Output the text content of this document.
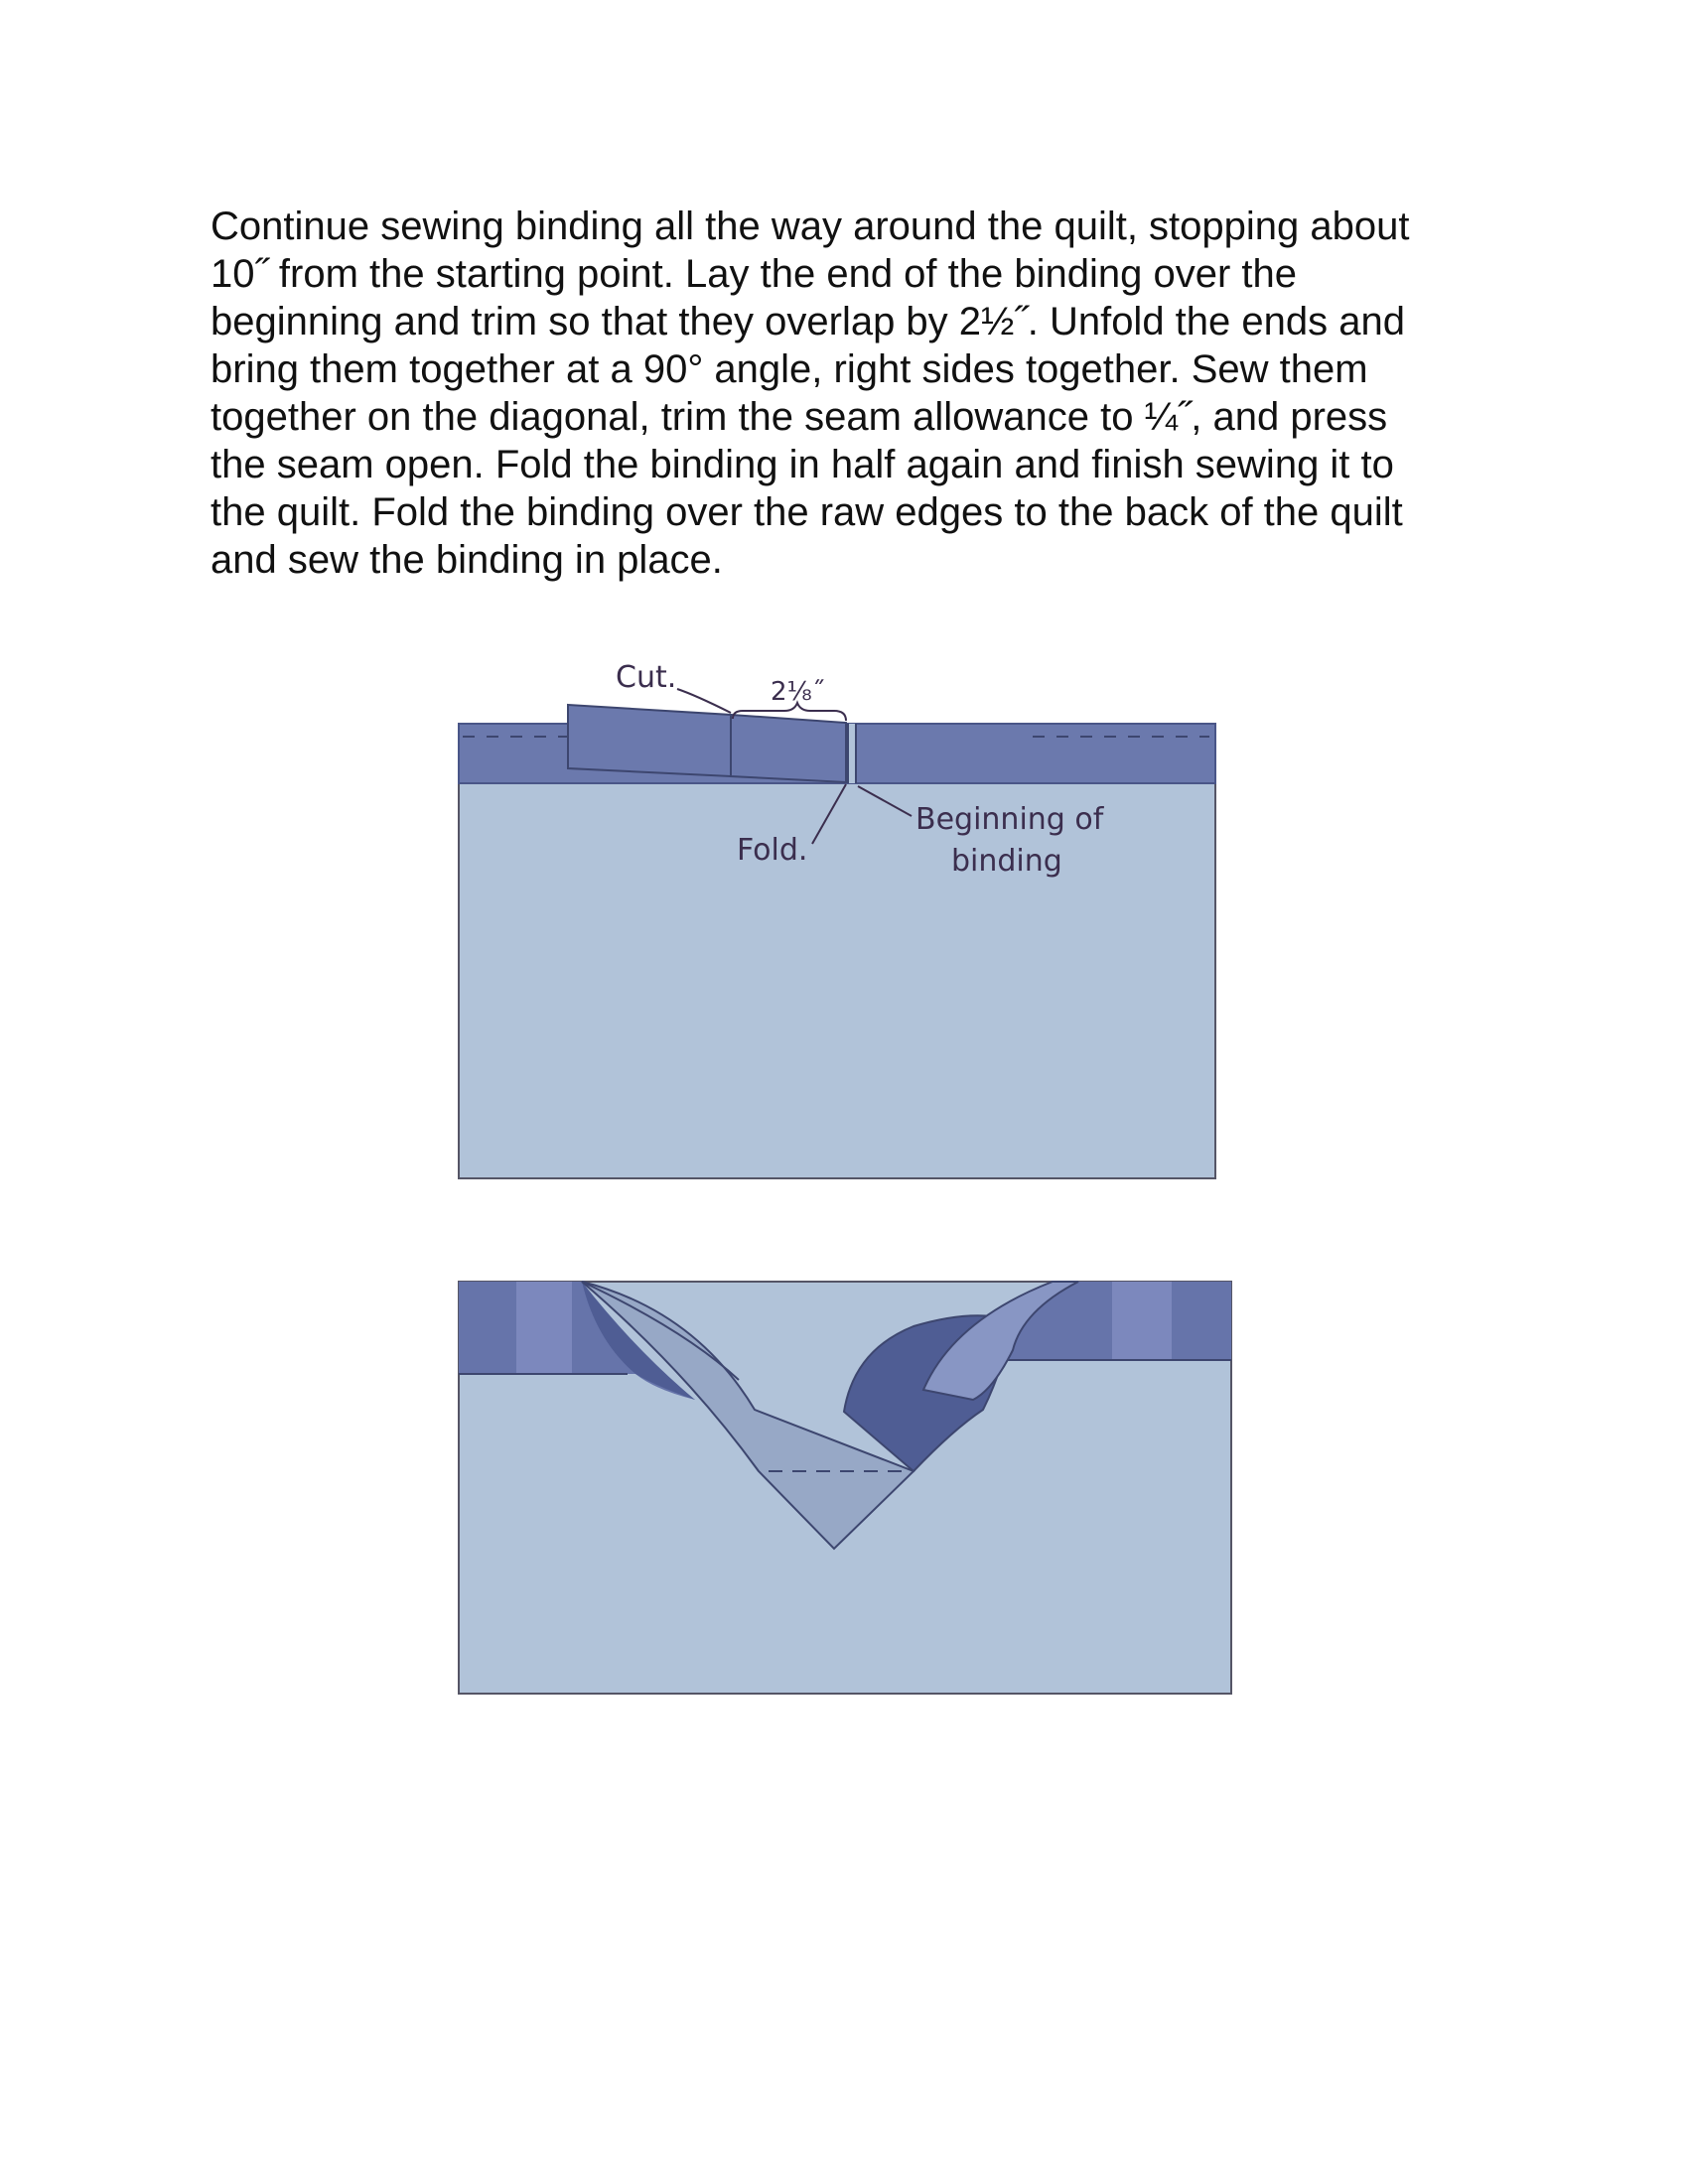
Continue sewing binding all the way around the quilt, stopping about
10˝ from the starting point. Lay the end of the binding over the
beginning and trim so that they overlap by 2½˝. Unfold the ends and
bring them together at a 90° angle, right sides together. Sew them
together on the diagonal, trim the seam allowance to ¼˝, and press
the seam open. Fold the binding in half again and finish sewing it to
the quilt. Fold the binding over the raw edges to the back of the quilt
and sew the binding in place.
Cut.	2⅛˝
Fold.
Beginning of
binding
